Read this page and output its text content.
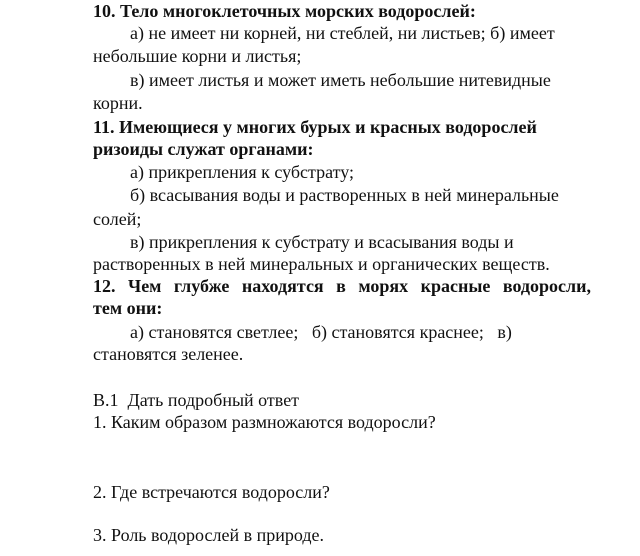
10. Тело многоклеточных морских водорослей:
а) не имеет ни корней, ни стеблей, ни листьев; б) имеет
небольшие корни и листья;
в) имеет листья и может иметь небольшие нитевидные
корни.
11. Имеющиеся у многих бурых и красных водорослей
ризоиды служат органами:
а) прикрепления к субстрату;
б) всасывания воды и растворенных в ней минеральные
солей;
в) прикрепления к субстрату и всасывания воды и
растворенных в ней минеральных и органических веществ.
12. Чем глубже находятся в морях красные водоросли,
тем они:
а) становятся светлее;   б) становятся краснее;   в)
становятся зеленее.
В.1  Дать подробный ответ
1. Каким образом размножаются водоросли?
2. Где встречаются водоросли?
3. Роль водорослей в природе.
